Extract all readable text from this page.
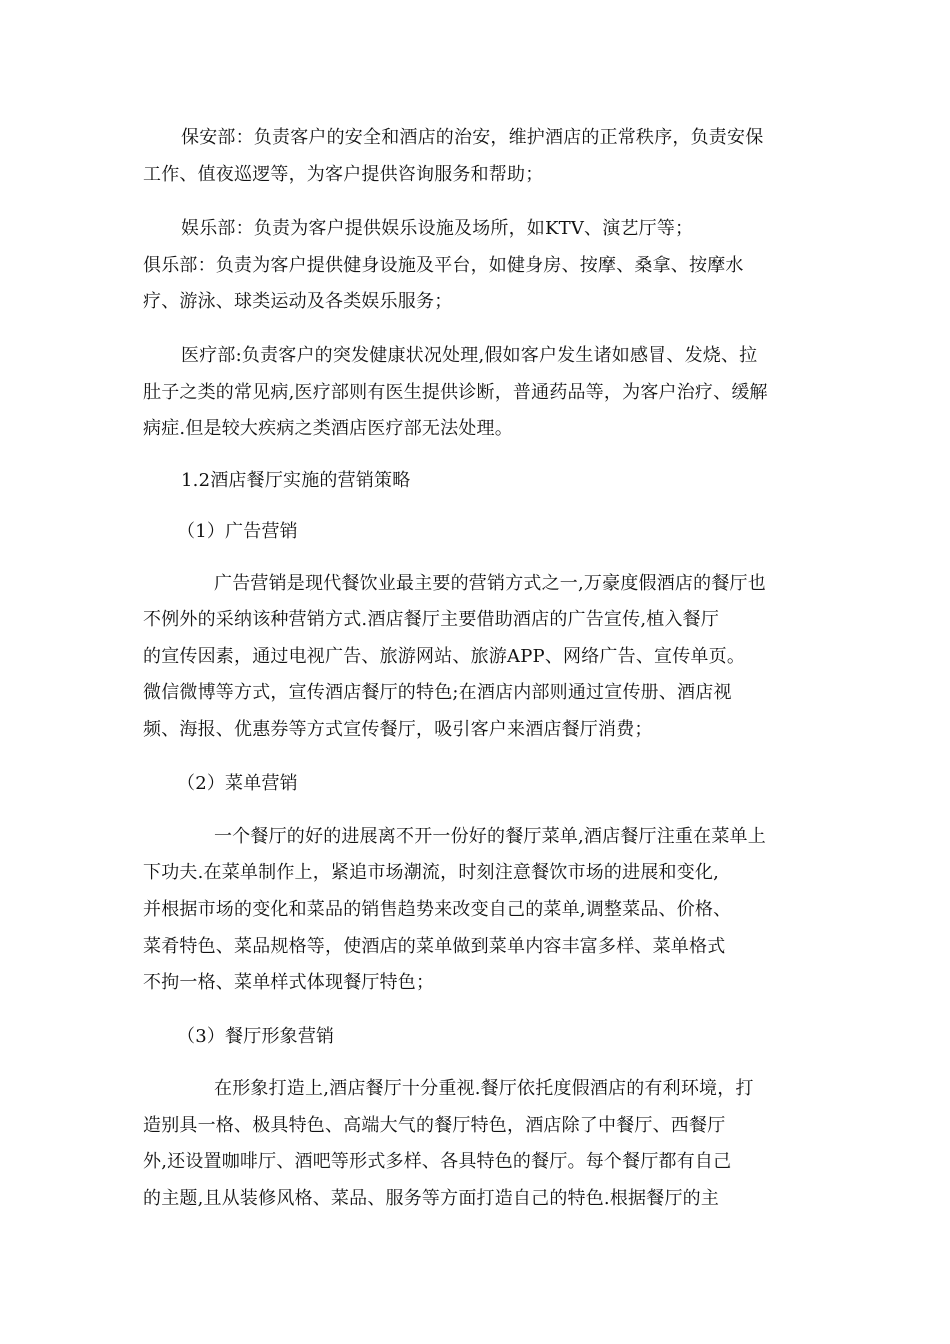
保安部：负责客户的安全和酒店的治安，维护酒店的正常秩序，负责安保
工作、值夜巡逻等，为客户提供咨询服务和帮助；
娱乐部：负责为客户提供娱乐设施及场所，如KTV、演艺厅等；
俱乐部：负责为客户提供健身设施及平台，如健身房、按摩、桑拿、按摩水
疗、游泳、球类运动及各类娱乐服务；
医疗部:负责客户的突发健康状况处理,假如客户发生诸如感冒、发烧、拉
肚子之类的常见病,医疗部则有医生提供诊断，普通药品等，为客户治疗、缓解
病症.但是较大疾病之类酒店医疗部无法处理。
1.2酒店餐厅实施的营销策略
（1）广告营销
广告营销是现代餐饮业最主要的营销方式之一,万豪度假酒店的餐厅也
不例外的采纳该种营销方式.酒店餐厅主要借助酒店的广告宣传,植入餐厅
的宣传因素，通过电视广告、旅游网站、旅游APP、网络广告、宣传单页。
微信微博等方式，宣传酒店餐厅的特色;在酒店内部则通过宣传册、酒店视
频、海报、优惠券等方式宣传餐厅，吸引客户来酒店餐厅消费；
（2）菜单营销
一个餐厅的好的进展离不开一份好的餐厅菜单,酒店餐厅注重在菜单上
下功夫.在菜单制作上，紧追市场潮流，时刻注意餐饮市场的进展和变化,
并根据市场的变化和菜品的销售趋势来改变自己的菜单,调整菜品、价格、
菜肴特色、菜品规格等，使酒店的菜单做到菜单内容丰富多样、菜单格式
不拘一格、菜单样式体现餐厅特色；
（3）餐厅形象营销
在形象打造上,酒店餐厅十分重视.餐厅依托度假酒店的有利环境，打
造别具一格、极具特色、高端大气的餐厅特色，酒店除了中餐厅、西餐厅
外,还设置咖啡厅、酒吧等形式多样、各具特色的餐厅。每个餐厅都有自己
的主题,且从装修风格、菜品、服务等方面打造自己的特色.根据餐厅的主
